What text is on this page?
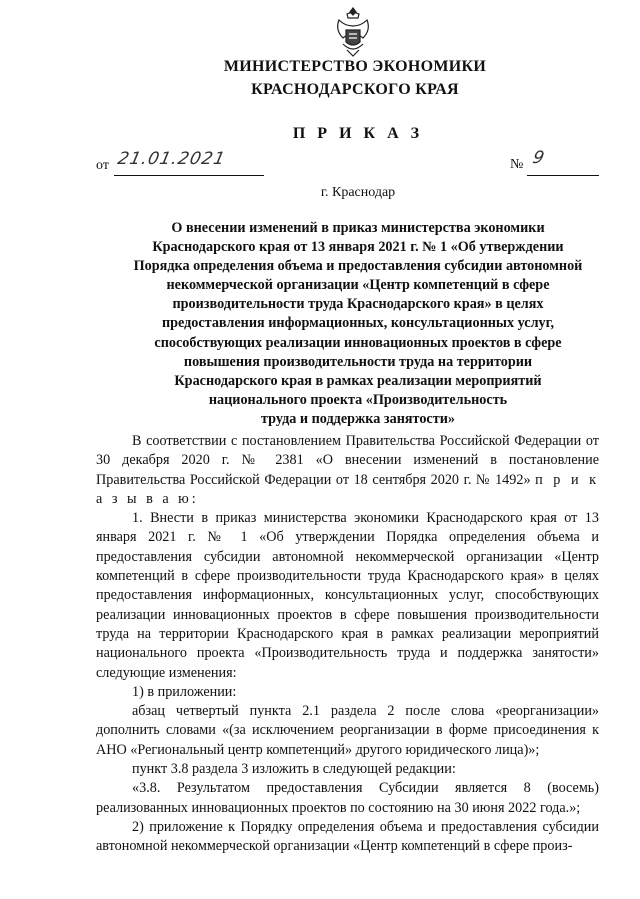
МИНИСТЕРСТВО ЭКОНОМИКИ
КРАСНОДАРСКОГО КРАЯ
П Р И К А З
от 21.01.2021	№ 9
г. Краснодар
О внесении изменений в приказ министерства экономики
Краснодарского края от 13 января 2021 г. № 1 «Об утверждении
Порядка определения объема и предоставления субсидии автономной
некоммерческой организации «Центр компетенций в сфере
производительности труда Краснодарского края» в целях
предоставления информационных, консультационных услуг,
способствующих реализации инновационных проектов в сфере
повышения производительности труда на территории
Краснодарского края в рамках реализации мероприятий
национального проекта «Производительность
труда и поддержка занятости»

В соответствии с постановлением Правительства Российской Федерации от 30 декабря 2020 г. № 2381 «О внесении изменений в постановление Правительства Российской Федерации от 18 сентября 2020 г. № 1492» п р и к а з ы в а ю:

1. Внести в приказ министерства экономики Краснодарского края от 13 января 2021 г. № 1 «Об утверждении Порядка определения объема и предоставления субсидии автономной некоммерческой организации «Центр компетенций в сфере производительности труда Краснодарского края» в целях предоставления информационных, консультационных услуг, способствующих реализации инновационных проектов в сфере повышения производительности труда на территории Краснодарского края в рамках реализации мероприятий национального проекта «Производительность труда и поддержка занятости» следующие изменения:

1) в приложении:

абзац четвертый пункта 2.1 раздела 2 после слова «реорганизации» дополнить словами «(за исключением реорганизации в форме присоединения к АНО «Региональный центр компетенций» другого юридического лица)»;

пункт 3.8 раздела 3 изложить в следующей редакции:

«3.8. Результатом предоставления Субсидии является 8 (восемь) реализованных инновационных проектов по состоянию на 30 июня 2022 года.»;

2) приложение к Порядку определения объема и предоставления субсидии автономной некоммерческой организации «Центр компетенций в сфере произ-
